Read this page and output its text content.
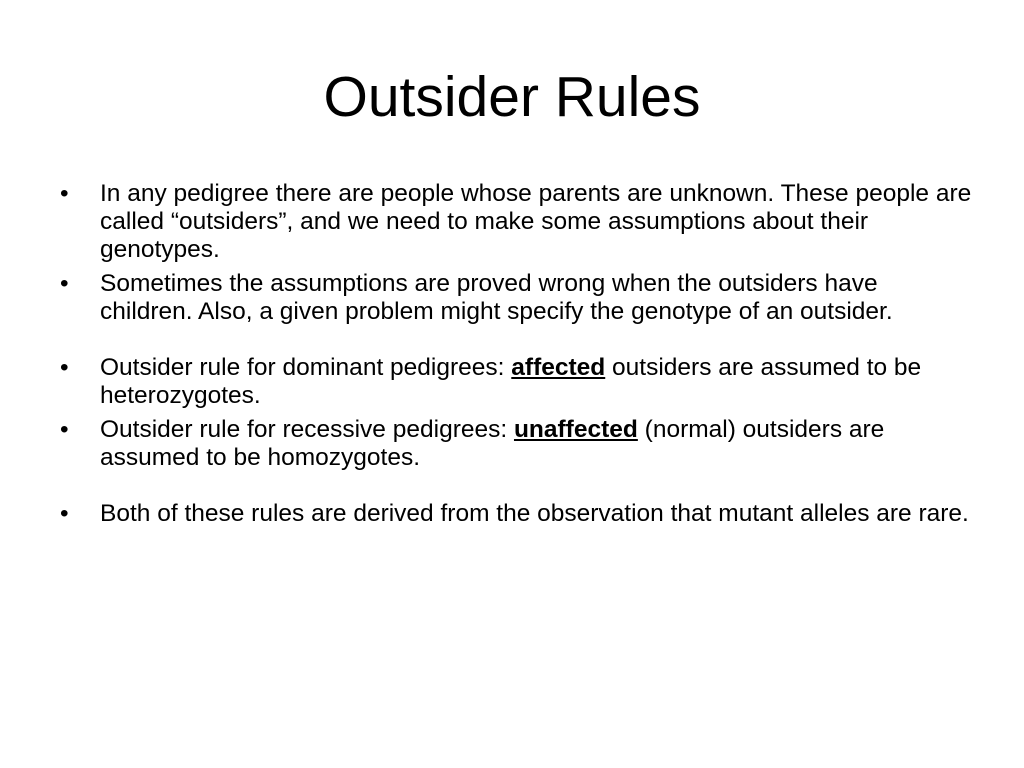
Outsider Rules
• In any pedigree there are people whose parents are unknown. These people are called “outsiders”, and we need to make some assumptions about their genotypes.
• Sometimes the assumptions are proved wrong when the outsiders have children. Also, a given problem might specify the genotype of an outsider.
• Outsider rule for dominant pedigrees: affected outsiders are assumed to be heterozygotes.
• Outsider rule for recessive pedigrees: unaffected (normal) outsiders are assumed to be homozygotes.
• Both of these rules are derived from the observation that mutant alleles are rare.
